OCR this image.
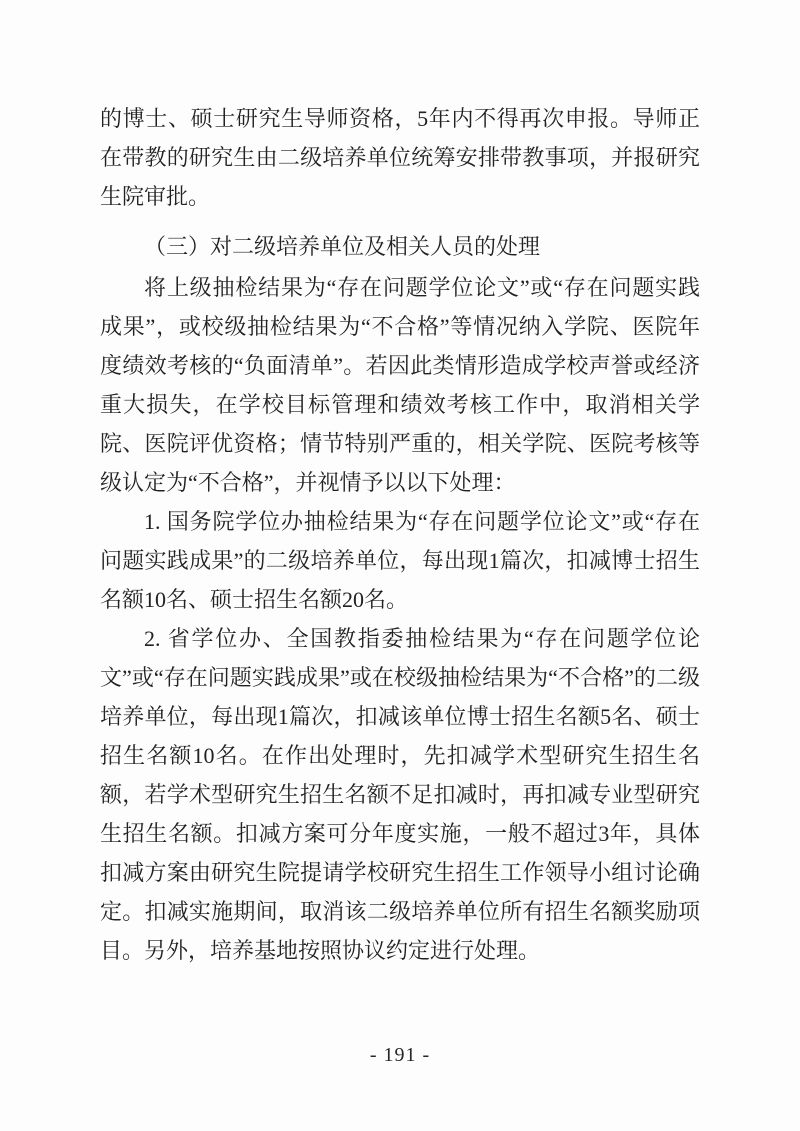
的博士、硕士研究生导师资格，5年内不得再次申报。导师正在带教的研究生由二级培养单位统筹安排带教事项，并报研究生院审批。

（三）对二级培养单位及相关人员的处理

将上级抽检结果为“存在问题学位论文”或“存在问题实践成果”，或校级抽检结果为“不合格”等情况纳入学院、医院年度绩效考核的“负面清单”。若因此类情形造成学校声誉或经济重大损失，在学校目标管理和绩效考核工作中，取消相关学院、医院评优资格；情节特别严重的，相关学院、医院考核等级认定为“不合格”，并视情予以以下处理：

1. 国务院学位办抽检结果为“存在问题学位论文”或“存在问题实践成果”的二级培养单位，每出现1篇次，扣减博士招生名额10名、硕士招生名额20名。

2. 省学位办、全国教指委抽检结果为“存在问题学位论文”或“存在问题实践成果”或在校级抽检结果为“不合格”的二级培养单位，每出现1篇次，扣减该单位博士招生名额5名、硕士招生名额10名。在作出处理时，先扣减学术型研究生招生名额，若学术型研究生招生名额不足扣减时，再扣减专业型研究生招生名额。扣减方案可分年度实施，一般不超过3年，具体扣减方案由研究生院提请学校研究生招生工作领导小组讨论确定。扣减实施期间，取消该二级培养单位所有招生名额奖励项目。另外，培养基地按照协议约定进行处理。

- 191 -
